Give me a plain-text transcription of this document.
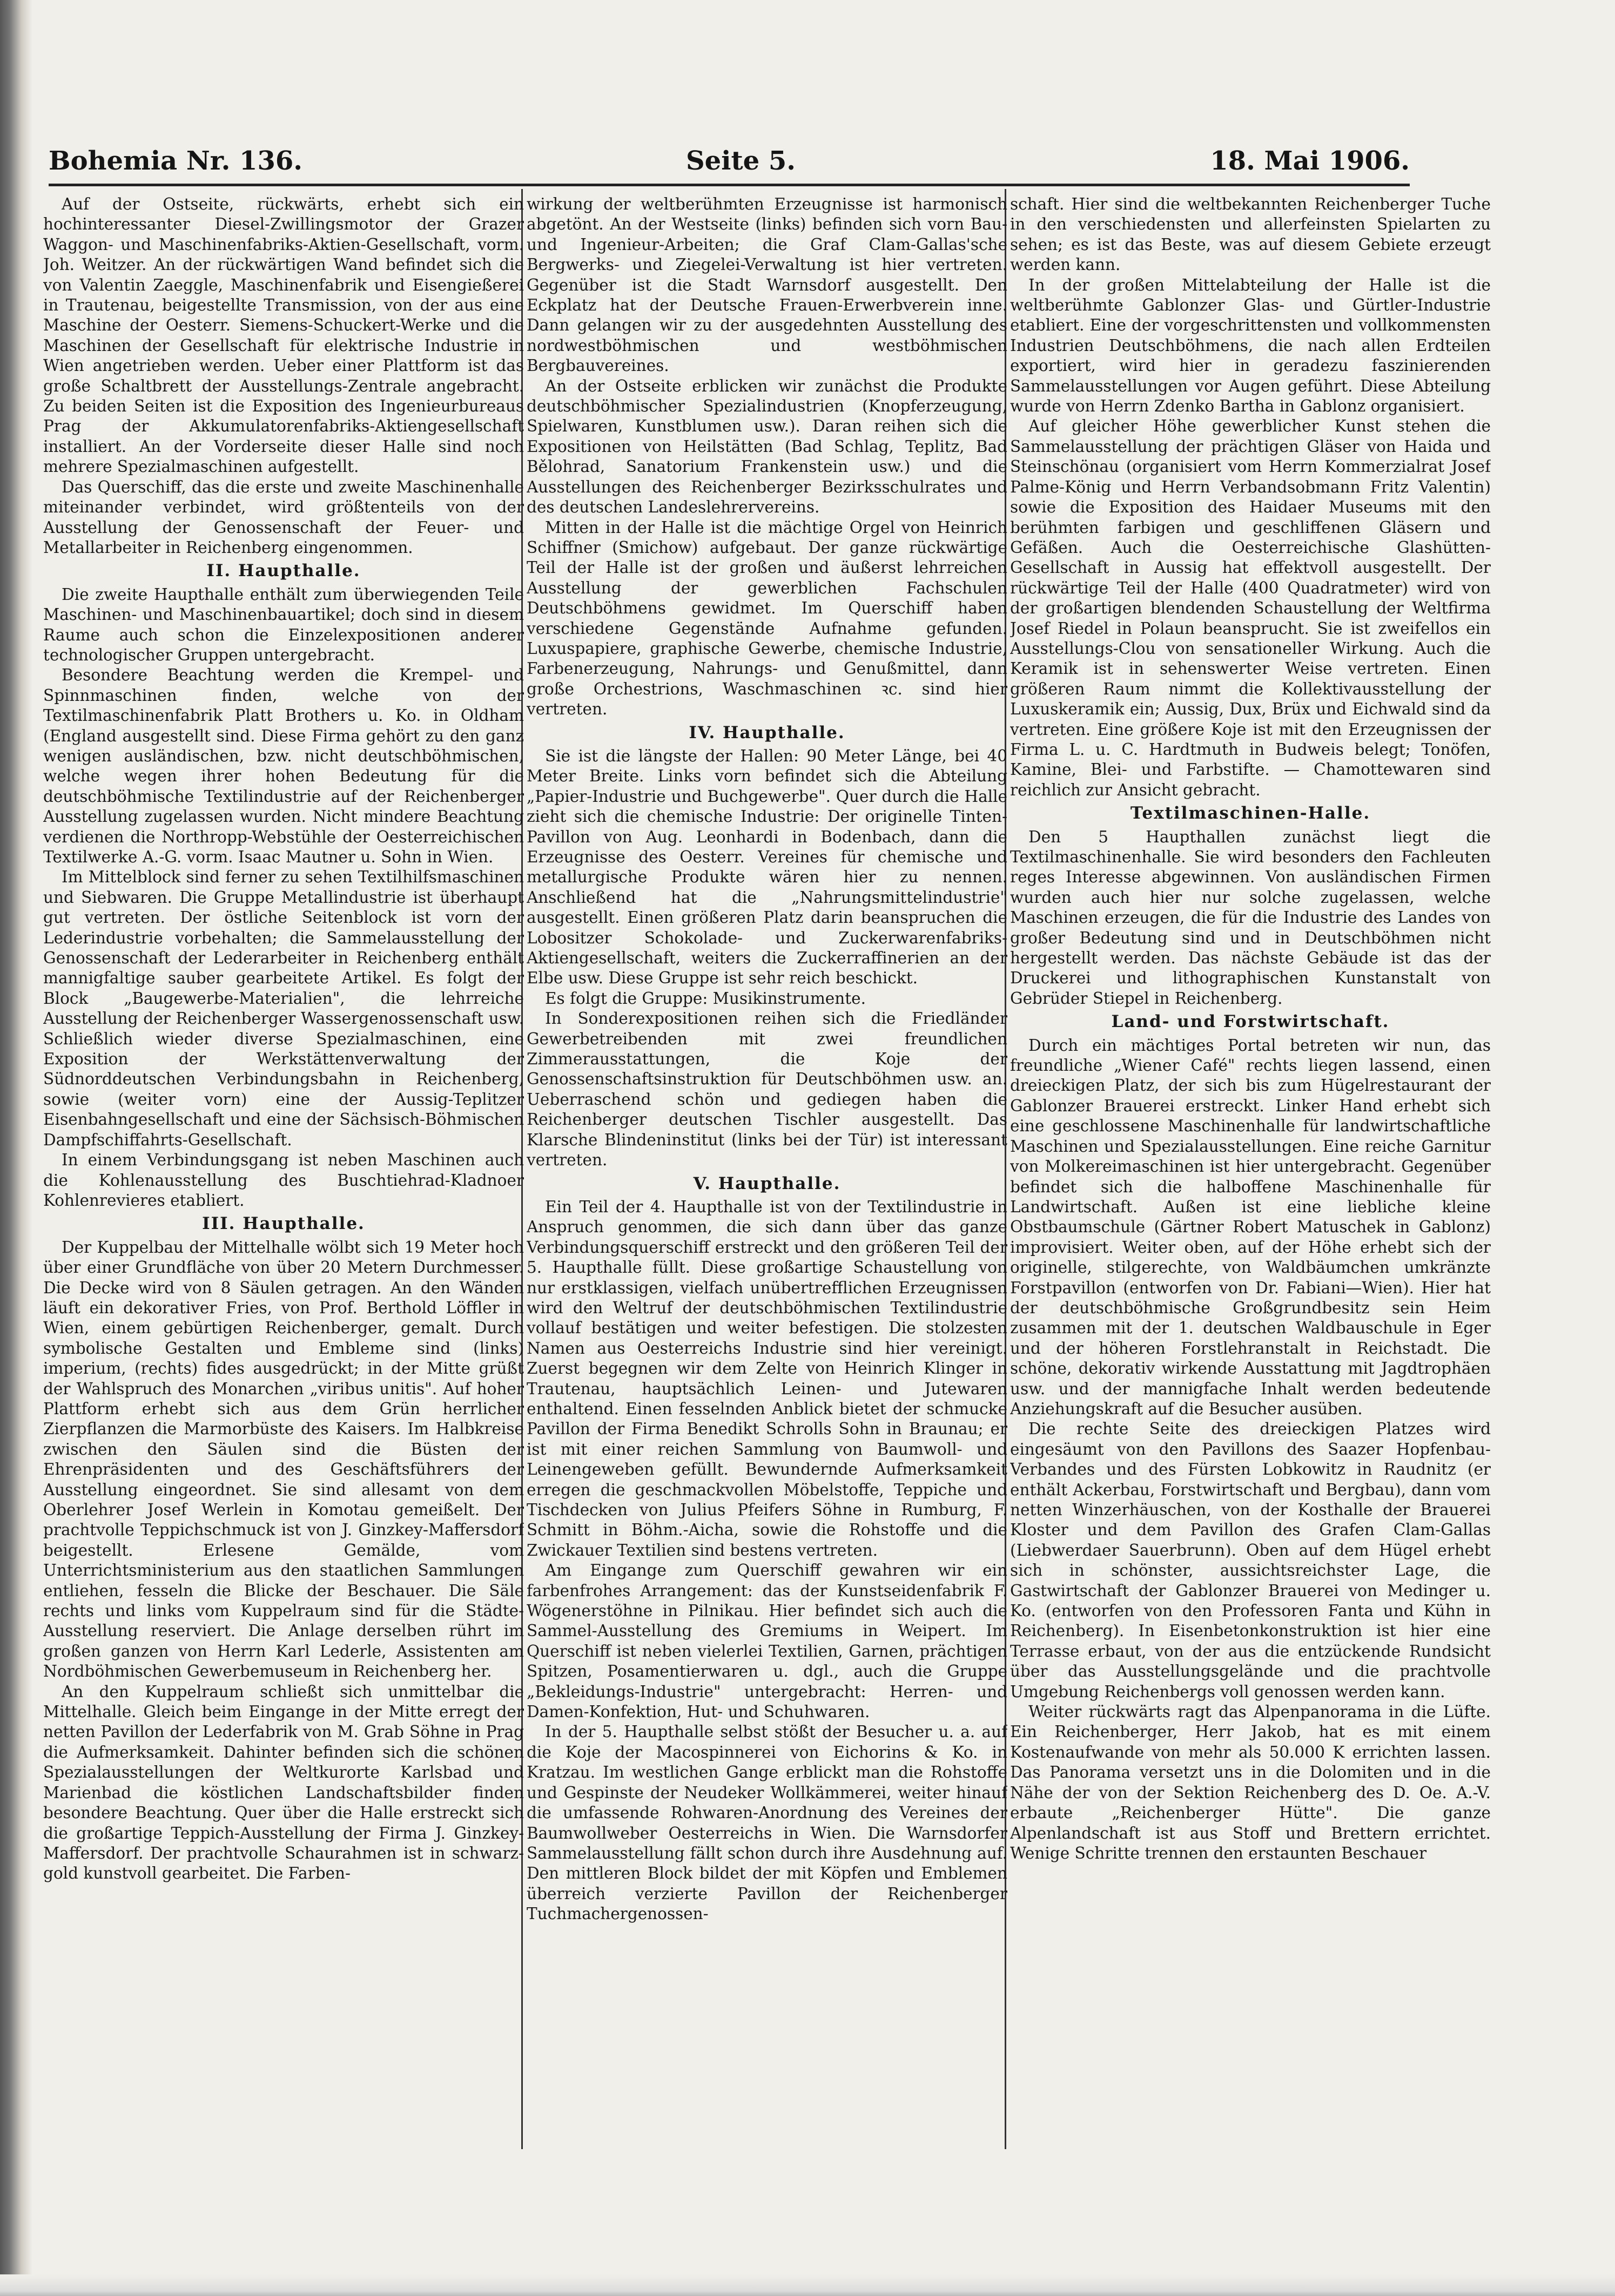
Bohemia Nr. 136.	Seite 5.	18. Mai 1906.

Auf der Ostseite, rückwärts, erhebt sich ein hochinteressanter Diesel-Zwillingsmotor der Grazer Waggon- und Maschinenfabriks-Aktien-Gesellschaft, vorm. Joh. Weitzer. An der rückwärtigen Wand befindet sich die von Valentin Zaeggle, Maschinenfabrik und Eisengießerei in Trautenau, beigestellte Transmission, von der aus eine Maschine der Oesterr. Siemens-Schuckert-Werke und die Maschinen der Gesellschaft für elektrische Industrie in Wien angetrieben werden. Ueber einer Plattform ist das große Schaltbrett der Ausstellungs-Zentrale angebracht. Zu beiden Seiten ist die Exposition des Ingenieurbureaus Prag der Akkumulatorenfabriks-Aktiengesellschaft installiert. An der Vorderseite dieser Halle sind noch mehrere Spezialmaschinen aufgestellt.

Das Querschiff, das die erste und zweite Maschinenhalle miteinander verbindet, wird größtenteils von der Ausstellung der Genossenschaft der Feuer- und Metallarbeiter in Reichenberg eingenommen.

II. Haupthalle.

Die zweite Haupthalle enthält zum überwiegenden Teile Maschinen- und Maschinenbauartikel; doch sind in diesem Raume auch schon die Einzelexpositionen anderer technologischer Gruppen untergebracht.

Besondere Beachtung werden die Krempel- und Spinnmaschinen finden, welche von der Textilmaschinenfabrik Platt Brothers u. Ko. in Oldham (England ausgestellt sind. Diese Firma gehört zu den ganz wenigen ausländischen, bzw. nicht deutschböhmischen, welche wegen ihrer hohen Bedeutung für die deutschböhmische Textilindustrie auf der Reichenberger Ausstellung zugelassen wurden. Nicht mindere Beachtung verdienen die Northropp-Webstühle der Oesterreichischen Textilwerke A.-G. vorm. Isaac Mautner u. Sohn in Wien.

Im Mittelblock sind ferner zu sehen Textilhilfsmaschinen und Siebwaren. Die Gruppe Metallindustrie ist überhaupt gut vertreten. Der östliche Seitenblock ist vorn der Lederindustrie vorbehalten; die Sammelausstellung der Genossenschaft der Lederarbeiter in Reichenberg enthält mannigfaltige sauber gearbeitete Artikel. Es folgt der Block „Baugewerbe-Materialien", die lehrreiche Ausstellung der Reichenberger Wassergenossenschaft usw. Schließlich wieder diverse Spezialmaschinen, eine Exposition der Werkstättenverwaltung der Südnorddeutschen Verbindungsbahn in Reichenberg, sowie (weiter vorn) eine der Aussig-Teplitzer Eisenbahngesellschaft und eine der Sächsisch-Böhmischen Dampfschiffahrts-Gesellschaft.

In einem Verbindungsgang ist neben Maschinen auch die Kohlenausstellung des Buschtiehrad-Kladnoer Kohlenrevieres etabliert.

III. Haupthalle.

Der Kuppelbau der Mittelhalle wölbt sich 19 Meter hoch über einer Grundfläche von über 20 Metern Durchmesser. Die Decke wird von 8 Säulen getragen. An den Wänden läuft ein dekorativer Fries, von Prof. Berthold Löffler in Wien, einem gebürtigen Reichenberger, gemalt. Durch symbolische Gestalten und Embleme sind (links) imperium, (rechts) fides ausgedrückt; in der Mitte grüßt der Wahlspruch des Monarchen „viribus unitis". Auf hoher Plattform erhebt sich aus dem Grün herrlicher Zierpflanzen die Marmorbüste des Kaisers. Im Halbkreise zwischen den Säulen sind die Büsten der Ehrenpräsidenten und des Geschäftsführers der Ausstellung eingeordnet. Sie sind allesamt von dem Oberlehrer Josef Werlein in Komotau gemeißelt. Der prachtvolle Teppichschmuck ist von J. Ginzkey-Maffersdorf beigestellt. Erlesene Gemälde, vom Unterrichtsministerium aus den staatlichen Sammlungen entliehen, fesseln die Blicke der Beschauer. Die Säle rechts und links vom Kuppelraum sind für die Städte-Ausstellung reserviert. Die Anlage derselben rührt im großen ganzen von Herrn Karl Lederle, Assistenten am Nordböhmischen Gewerbemuseum in Reichenberg her.

An den Kuppelraum schließt sich unmittelbar die Mittelhalle. Gleich beim Eingange in der Mitte erregt der netten Pavillon der Lederfabrik von M. Grab Söhne in Prag die Aufmerksamkeit. Dahinter befinden sich die schönen Spezialausstellungen der Weltkurorte Karlsbad und Marienbad die köstlichen Landschaftsbilder finden besondere Beachtung. Quer über die Halle erstreckt sich die großartige Teppich-Ausstellung der Firma J. Ginzkey-Maffersdorf. Der prachtvolle Schaurahmen ist in schwarz-gold kunstvoll gearbeitet. Die Farben-

wirkung der weltberühmten Erzeugnisse ist harmonisch abgetönt. An der Westseite (links) befinden sich vorn Bau- und Ingenieur-Arbeiten; die Graf Clam-Gallas'sche Bergwerks- und Ziegelei-Verwaltung ist hier vertreten. Gegenüber ist die Stadt Warnsdorf ausgestellt. Den Eckplatz hat der Deutsche Frauen-Erwerbverein inne. Dann gelangen wir zu der ausgedehnten Ausstellung des nordwestböhmischen und westböhmischen Bergbauvereines.

An der Ostseite erblicken wir zunächst die Produkte deutschböhmischer Spezialindustrien (Knopferzeugung, Spielwaren, Kunstblumen usw.). Daran reihen sich die Expositionen von Heilstätten (Bad Schlag, Teplitz, Bad Bělohrad, Sanatorium Frankenstein usw.) und die Ausstellungen des Reichenberger Bezirksschulrates und des deutschen Landeslehrervereins.

Mitten in der Halle ist die mächtige Orgel von Heinrich Schiffner (Smichow) aufgebaut. Der ganze rückwärtige Teil der Halle ist der großen und äußerst lehrreichen Ausstellung der gewerblichen Fachschulen Deutschböhmens gewidmet. Im Querschiff haben verschiedene Gegenstände Aufnahme gefunden. Luxuspapiere, graphische Gewerbe, chemische Industrie, Farbenerzeugung, Nahrungs- und Genußmittel, dann große Orchestrions, Waschmaschinen ꝛc. sind hier vertreten.

IV. Haupthalle.

Sie ist die längste der Hallen: 90 Meter Länge, bei 40 Meter Breite. Links vorn befindet sich die Abteilung „Papier-Industrie und Buchgewerbe". Quer durch die Halle zieht sich die chemische Industrie: Der originelle Tinten-Pavillon von Aug. Leonhardi in Bodenbach, dann die Erzeugnisse des Oesterr. Vereines für chemische und metallurgische Produkte wären hier zu nennen. Anschließend hat die „Nahrungsmittelindustrie" ausgestellt. Einen größeren Platz darin beanspruchen die Lobositzer Schokolade- und Zuckerwarenfabriks-Aktiengesellschaft, weiters die Zuckerraffinerien an der Elbe usw. Diese Gruppe ist sehr reich beschickt.

Es folgt die Gruppe: Musikinstrumente.

In Sonderexpositionen reihen sich die Friedländer Gewerbetreibenden mit zwei freundlichen Zimmerausstattungen, die Koje der Genossenschaftsinstruktion für Deutschböhmen usw. an. Ueberraschend schön und gediegen haben die Reichenberger deutschen Tischler ausgestellt. Das Klarsche Blindeninstitut (links bei der Tür) ist interessant vertreten.

V. Haupthalle.

Ein Teil der 4. Haupthalle ist von der Textilindustrie in Anspruch genommen, die sich dann über das ganze Verbindungsquerschiff erstreckt und den größeren Teil der 5. Haupthalle füllt. Diese großartige Schaustellung von nur erstklassigen, vielfach unübertrefflichen Erzeugnissen wird den Weltruf der deutschböhmischen Textilindustrie vollauf bestätigen und weiter befestigen. Die stolzesten Namen aus Oesterreichs Industrie sind hier vereinigt. Zuerst begegnen wir dem Zelte von Heinrich Klinger in Trautenau, hauptsächlich Leinen- und Jutewaren enthaltend. Einen fesselnden Anblick bietet der schmucke Pavillon der Firma Benedikt Schrolls Sohn in Braunau; er ist mit einer reichen Sammlung von Baumwoll- und Leinengeweben gefüllt. Bewundernde Aufmerksamkeit erregen die geschmackvollen Möbelstoffe, Teppiche und Tischdecken von Julius Pfeifers Söhne in Rumburg, F. Schmitt in Böhm.-Aicha, sowie die Rohstoffe und die Zwickauer Textilien sind bestens vertreten.

Am Eingange zum Querschiff gewahren wir ein farbenfrohes Arrangement: das der Kunstseidenfabrik F. Wögenerstöhne in Pilnikau. Hier befindet sich auch die Sammel-Ausstellung des Gremiums in Weipert. Im Querschiff ist neben vielerlei Textilien, Garnen, prächtigen Spitzen, Posamentierwaren u. dgl., auch die Gruppe „Bekleidungs-Industrie" untergebracht: Herren- und Damen-Konfektion, Hut- und Schuhwaren.

In der 5. Haupthalle selbst stößt der Besucher u. a. auf die Koje der Macospinnerei von Eichorins & Ko. in Kratzau. Im westlichen Gange erblickt man die Rohstoffe und Gespinste der Neudeker Wollkämmerei, weiter hinauf die umfassende Rohwaren-Anordnung des Vereines der Baumwollweber Oesterreichs in Wien. Die Warnsdorfer Sammelausstellung fällt schon durch ihre Ausdehnung auf. Den mittleren Block bildet der mit Köpfen und Emblemen überreich verzierte Pavillon der Reichenberger Tuchmachergenossen-

schaft. Hier sind die weltbekannten Reichenberger Tuche in den verschiedensten und allerfeinsten Spielarten zu sehen; es ist das Beste, was auf diesem Gebiete erzeugt werden kann.

In der großen Mittelabteilung der Halle ist die weltberühmte Gablonzer Glas- und Gürtler-Industrie etabliert. Eine der vorgeschrittensten und vollkommensten Industrien Deutschböhmens, die nach allen Erdteilen exportiert, wird hier in geradezu faszinierenden Sammelausstellungen vor Augen geführt. Diese Abteilung wurde von Herrn Zdenko Bartha in Gablonz organisiert.

Auf gleicher Höhe gewerblicher Kunst stehen die Sammelausstellung der prächtigen Gläser von Haida und Steinschönau (organisiert vom Herrn Kommerzialrat Josef Palme-König und Herrn Verbandsobmann Fritz Valentin) sowie die Exposition des Haidaer Museums mit den berühmten farbigen und geschliffenen Gläsern und Gefäßen. Auch die Oesterreichische Glashütten-Gesellschaft in Aussig hat effektvoll ausgestellt. Der rückwärtige Teil der Halle (400 Quadratmeter) wird von der großartigen blendenden Schaustellung der Weltfirma Josef Riedel in Polaun beansprucht. Sie ist zweifellos ein Ausstellungs-Clou von sensationeller Wirkung. Auch die Keramik ist in sehenswerter Weise vertreten. Einen größeren Raum nimmt die Kollektivausstellung der Luxuskeramik ein; Aussig, Dux, Brüx und Eichwald sind da vertreten. Eine größere Koje ist mit den Erzeugnissen der Firma L. u. C. Hardtmuth in Budweis belegt; Tonöfen, Kamine, Blei- und Farbstifte. — Chamottewaren sind reichlich zur Ansicht gebracht.

Textilmaschinen-Halle.

Den 5 Haupthallen zunächst liegt die Textilmaschinenhalle. Sie wird besonders den Fachleuten reges Interesse abgewinnen. Von ausländischen Firmen wurden auch hier nur solche zugelassen, welche Maschinen erzeugen, die für die Industrie des Landes von großer Bedeutung sind und in Deutschböhmen nicht hergestellt werden. Das nächste Gebäude ist das der Druckerei und lithographischen Kunstanstalt von Gebrüder Stiepel in Reichenberg.

Land- und Forstwirtschaft.

Durch ein mächtiges Portal betreten wir nun, das freundliche „Wiener Café" rechts liegen lassend, einen dreieckigen Platz, der sich bis zum Hügelrestaurant der Gablonzer Brauerei erstreckt. Linker Hand erhebt sich eine geschlossene Maschinenhalle für landwirtschaftliche Maschinen und Spezialausstellungen. Eine reiche Garnitur von Molkereimaschinen ist hier untergebracht. Gegenüber befindet sich die halboffene Maschinenhalle für Landwirtschaft. Außen ist eine liebliche kleine Obstbaumschule (Gärtner Robert Matuschek in Gablonz) improvisiert. Weiter oben, auf der Höhe erhebt sich der originelle, stilgerechte, von Waldbäumchen umkränzte Forstpavillon (entworfen von Dr. Fabiani—Wien). Hier hat der deutschböhmische Großgrundbesitz sein Heim zusammen mit der 1. deutschen Waldbauschule in Eger und der höheren Forstlehranstalt in Reichstadt. Die schöne, dekorativ wirkende Ausstattung mit Jagdtrophäen usw. und der mannigfache Inhalt werden bedeutende Anziehungskraft auf die Besucher ausüben.

Die rechte Seite des dreieckigen Platzes wird eingesäumt von den Pavillons des Saazer Hopfenbau-Verbandes und des Fürsten Lobkowitz in Raudnitz (er enthält Ackerbau, Forstwirtschaft und Bergbau), dann vom netten Winzerhäuschen, von der Kosthalle der Brauerei Kloster und dem Pavillon des Grafen Clam-Gallas (Liebwerdaer Sauerbrunn). Oben auf dem Hügel erhebt sich in schönster, aussichtsreichster Lage, die Gastwirtschaft der Gablonzer Brauerei von Medinger u. Ko. (entworfen von den Professoren Fanta und Kühn in Reichenberg). In Eisenbetonkonstruktion ist hier eine Terrasse erbaut, von der aus die entzückende Rundsicht über das Ausstellungsgelände und die prachtvolle Umgebung Reichenbergs voll genossen werden kann.

Weiter rückwärts ragt das Alpenpanorama in die Lüfte. Ein Reichenberger, Herr Jakob, hat es mit einem Kostenaufwande von mehr als 50.000 K errichten lassen. Das Panorama versetzt uns in die Dolomiten und in die Nähe der von der Sektion Reichenberg des D. Oe. A.-V. erbaute „Reichenberger Hütte". Die ganze Alpenlandschaft ist aus Stoff und Brettern errichtet. Wenige Schritte trennen den erstaunten Beschauer
